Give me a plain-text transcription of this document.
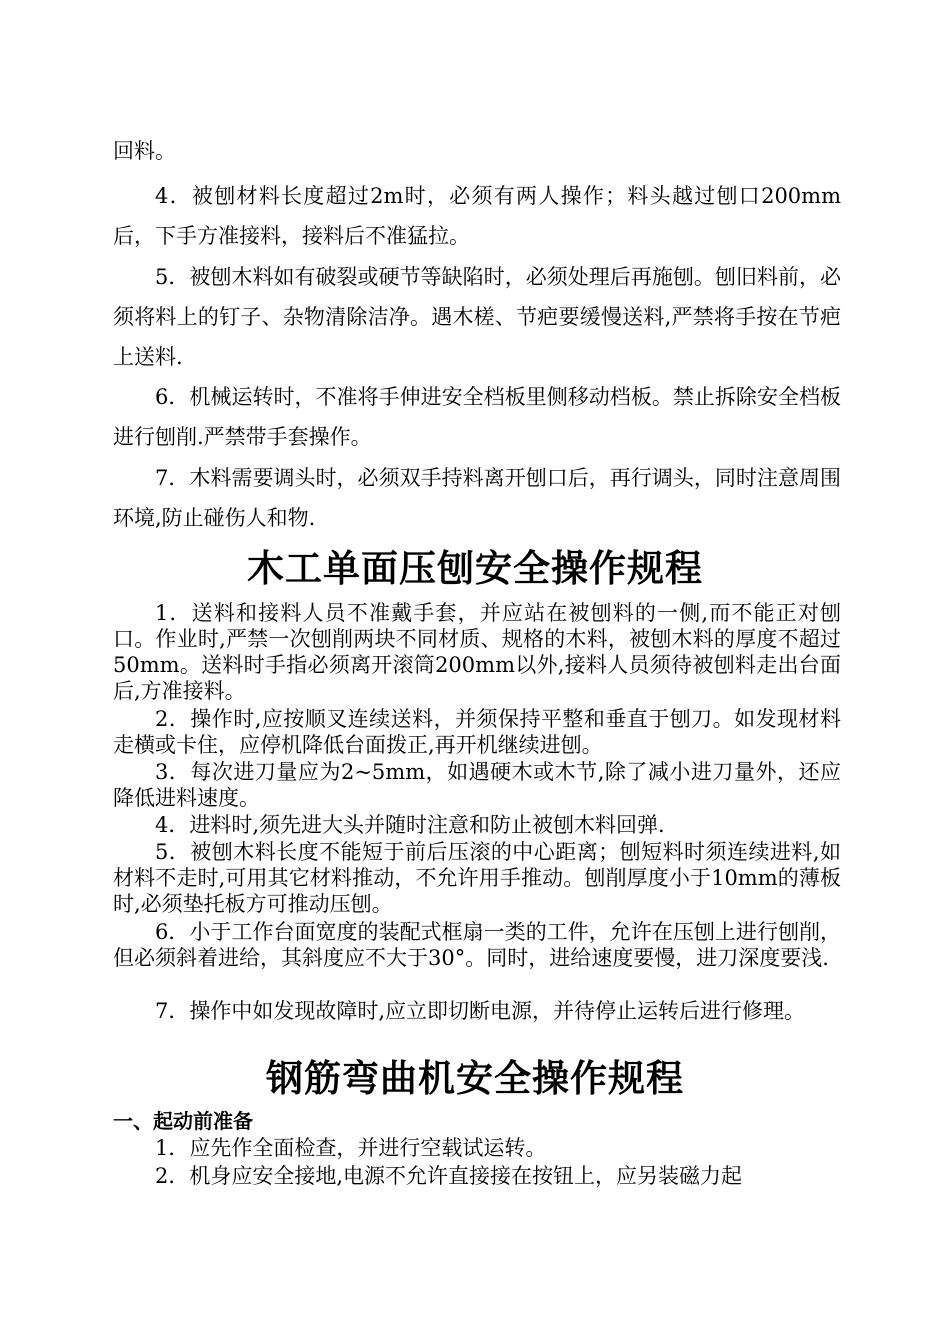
回料。

4．被刨材料长度超过2m时，必须有两人操作；料头越过刨口200mm后，下手方准接料，接料后不准猛拉。

5．被刨木料如有破裂或硬节等缺陷时，必须处理后再施刨。刨旧料前，必须将料上的钉子、杂物清除洁净。遇木槎、节疤要缓慢送料,严禁将手按在节疤上送料.

6．机械运转时，不准将手伸进安全档板里侧移动档板。禁止拆除安全档板进行刨削.严禁带手套操作。

7．木料需要调头时，必须双手持料离开刨口后，再行调头，同时注意周围环境,防止碰伤人和物.

木工单面压刨安全操作规程

1．送料和接料人员不准戴手套，并应站在被刨料的一侧,而不能正对刨口。作业时,严禁一次刨削两块不同材质、规格的木料，被刨木料的厚度不超过50mm。送料时手指必须离开滚筒200mm以外,接料人员须待被刨料走出台面后,方准接料。

2．操作时,应按顺叉连续送料，并须保持平整和垂直于刨刀。如发现材料走横或卡住，应停机降低台面拨正,再开机继续进刨。

3．每次进刀量应为2~5mm，如遇硬木或木节,除了减小进刀量外，还应降低进料速度。

4．进料时,须先进大头并随时注意和防止被刨木料回弹.

5．被刨木料长度不能短于前后压滚的中心距离；刨短料时须连续进料,如材料不走时,可用其它材料推动，不允许用手推动。刨削厚度小于10mm的薄板时,必须垫托板方可推动压刨。

6．小于工作台面宽度的装配式框扇一类的工件，允许在压刨上进行刨削，但必须斜着进给，其斜度应不大于30°。同时，进给速度要慢，进刀深度要浅.

7．操作中如发现故障时,应立即切断电源，并待停止运转后进行修理。

钢筋弯曲机安全操作规程
一、起动前准备

1．应先作全面检查，并进行空载试运转。

2．机身应安全接地,电源不允许直接接在按钮上，应另装磁力起
